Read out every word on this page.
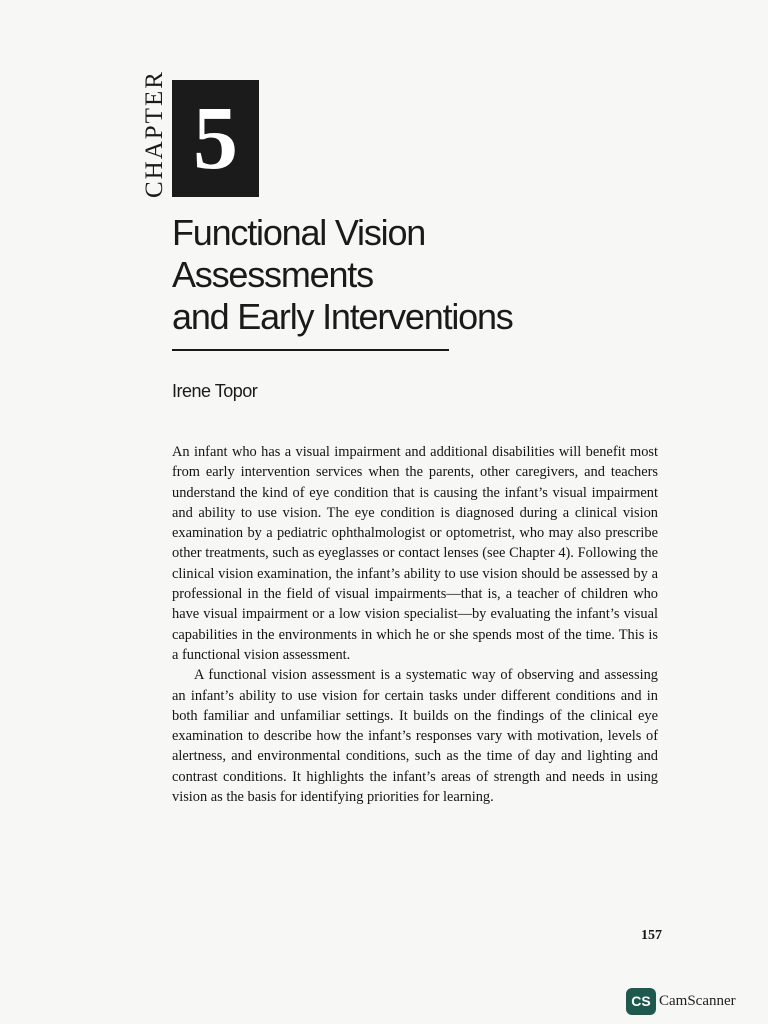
CHAPTER 5
Functional Vision
Assessments
and Early Interventions
Irene Topor

An infant who has a visual impairment and additional disabilities will benefit most from early intervention services when the parents, other caregivers, and teachers understand the kind of eye condition that is causing the infant’s visual impairment and ability to use vision. The eye condition is diagnosed during a clinical vision examination by a pediatric ophthalmologist or optometrist, who may also prescribe other treatments, such as eyeglasses or contact lenses (see Chapter 4). Following the clinical vision examination, the infant’s ability to use vision should be assessed by a professional in the field of visual impairments—that is, a teacher of children who have visual impairment or a low vision specialist—by evaluating the infant’s visual capabilities in the environments in which he or she spends most of the time. This is a functional vision assessment.

A functional vision assessment is a systematic way of observing and assessing an infant’s ability to use vision for certain tasks under different conditions and in both familiar and unfamiliar settings. It builds on the findings of the clinical eye examination to describe how the infant’s responses vary with motivation, levels of alertness, and environmental conditions, such as the time of day and lighting and contrast conditions. It highlights the infant’s areas of strength and needs in using vision as the basis for identifying priorities for learning.

157
CS CamScanner
